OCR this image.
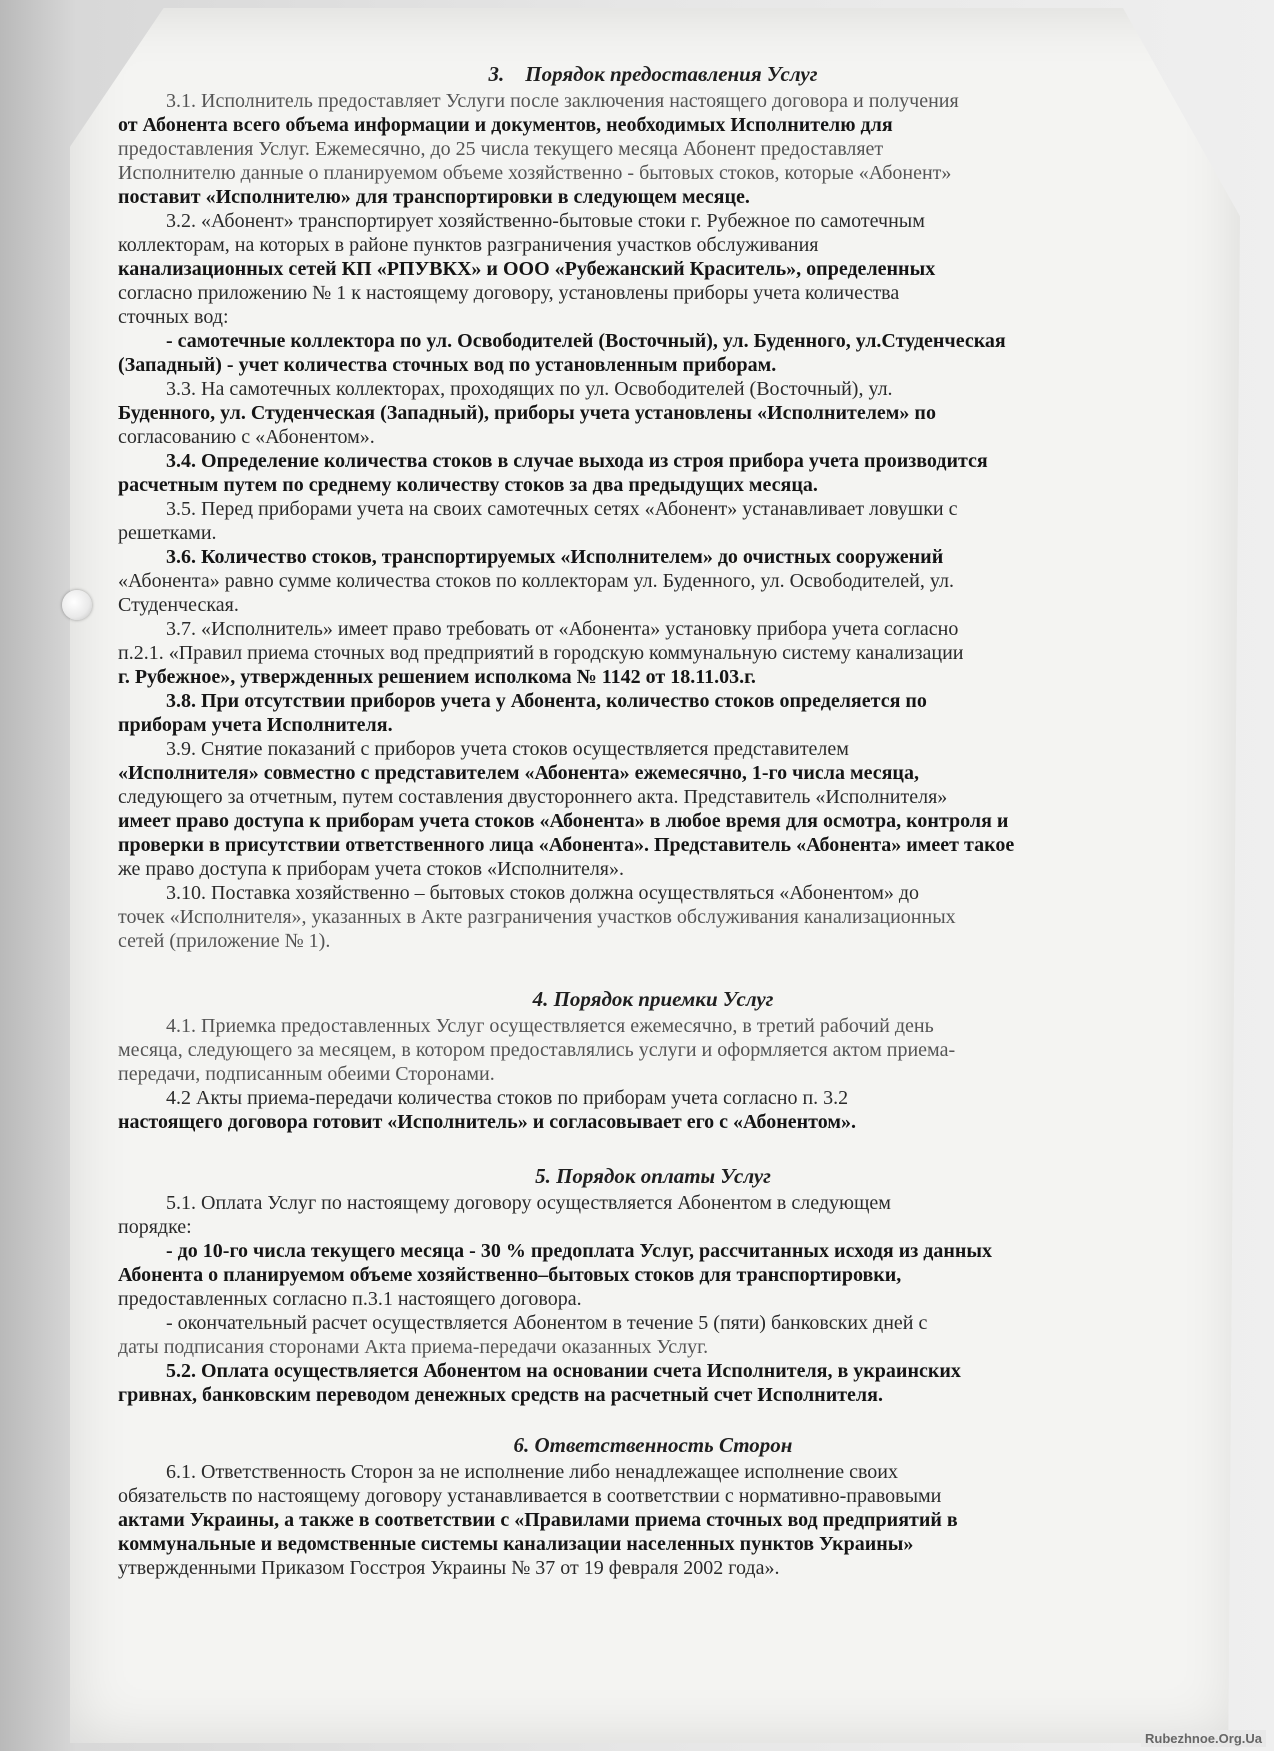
3. Порядок предоставления Услуг

3.1. Исполнитель предоставляет Услуги после заключения настоящего договора и получения

от Абонента всего объема информации и документов, необходимых Исполнителю для

предоставления Услуг. Ежемесячно, до 25 числа текущего месяца Абонент предоставляет

Исполнителю данные о планируемом объеме хозяйственно - бытовых стоков, которые «Абонент»

поставит «Исполнителю» для транспортировки в следующем месяце.

3.2. «Абонент» транспортирует хозяйственно-бытовые стоки г. Рубежное по самотечным

коллекторам, на которых в районе пунктов разграничения участков обслуживания

канализационных сетей КП «РПУВКХ» и ООО «Рубежанский Краситель», определенных

согласно приложению № 1 к настоящему договору, установлены приборы учета количества

сточных вод:

- самотечные коллектора по ул. Освободителей (Восточный), ул. Буденного, ул.Студенческая

(Западный) - учет количества сточных вод по установленным приборам.

3.3. На самотечных коллекторах, проходящих по ул. Освободителей (Восточный), ул.

Буденного, ул. Студенческая (Западный), приборы учета установлены «Исполнителем» по

согласованию с «Абонентом».

3.4. Определение количества стоков в случае выхода из строя прибора учета производится

расчетным путем по среднему количеству стоков за два предыдущих месяца.

3.5. Перед приборами учета на своих самотечных сетях «Абонент» устанавливает ловушки с

решетками.

3.6. Количество стоков, транспортируемых «Исполнителем» до очистных сооружений

«Абонента» равно сумме количества стоков по коллекторам ул. Буденного, ул. Освободителей, ул.

Студенческая.

3.7. «Исполнитель» имеет право требовать от «Абонента» установку прибора учета согласно

п.2.1. «Правил приема сточных вод предприятий в городскую коммунальную систему канализации

г. Рубежное», утвержденных решением исполкома № 1142 от 18.11.03.г.

3.8. При отсутствии приборов учета у Абонента, количество стоков определяется по

приборам учета Исполнителя.

3.9. Снятие показаний с приборов учета стоков осуществляется представителем

«Исполнителя» совместно с представителем «Абонента» ежемесячно, 1-го числа месяца,

следующего за отчетным, путем составления двустороннего акта. Представитель «Исполнителя»

имеет право доступа к приборам учета стоков «Абонента» в любое время для осмотра, контроля и

проверки в присутствии ответственного лица «Абонента». Представитель «Абонента» имеет такое

же право доступа к приборам учета стоков «Исполнителя».

3.10. Поставка хозяйственно – бытовых стоков должна осуществляться «Абонентом» до

точек «Исполнителя», указанных в Акте разграничения участков обслуживания канализационных

сетей (приложение № 1).

4. Порядок приемки Услуг

4.1. Приемка предоставленных Услуг осуществляется ежемесячно, в третий рабочий день

месяца, следующего за месяцем, в котором предоставлялись услуги и оформляется актом приема-

передачи, подписанным обеими Сторонами.

4.2 Акты приема-передачи количества стоков по приборам учета согласно п. 3.2

настоящего договора готовит «Исполнитель» и согласовывает его с «Абонентом».

5. Порядок оплаты Услуг

5.1. Оплата Услуг по настоящему договору осуществляется Абонентом в следующем

порядке:

- до 10-го числа текущего месяца - 30 % предоплата Услуг, рассчитанных исходя из данных

Абонента о планируемом объеме хозяйственно–бытовых стоков для транспортировки,

предоставленных согласно п.3.1 настоящего договора.

- окончательный расчет осуществляется Абонентом в течение 5 (пяти) банковских дней с

даты подписания сторонами Акта приема-передачи оказанных Услуг.

5.2. Оплата осуществляется Абонентом на основании счета Исполнителя, в украинских

гривнах, банковским переводом денежных средств на расчетный счет Исполнителя.

6. Ответственность Сторон

6.1. Ответственность Сторон за не исполнение либо ненадлежащее исполнение своих

обязательств по настоящему договору устанавливается в соответствии с нормативно-правовыми

актами Украины, а также в соответствии с «Правилами приема сточных вод предприятий в

коммунальные и ведомственные системы канализации населенных пунктов Украины»

утвержденными Приказом Госстроя Украины № 37 от 19 февраля 2002 года».

Rubezhnoe.Org.Ua
